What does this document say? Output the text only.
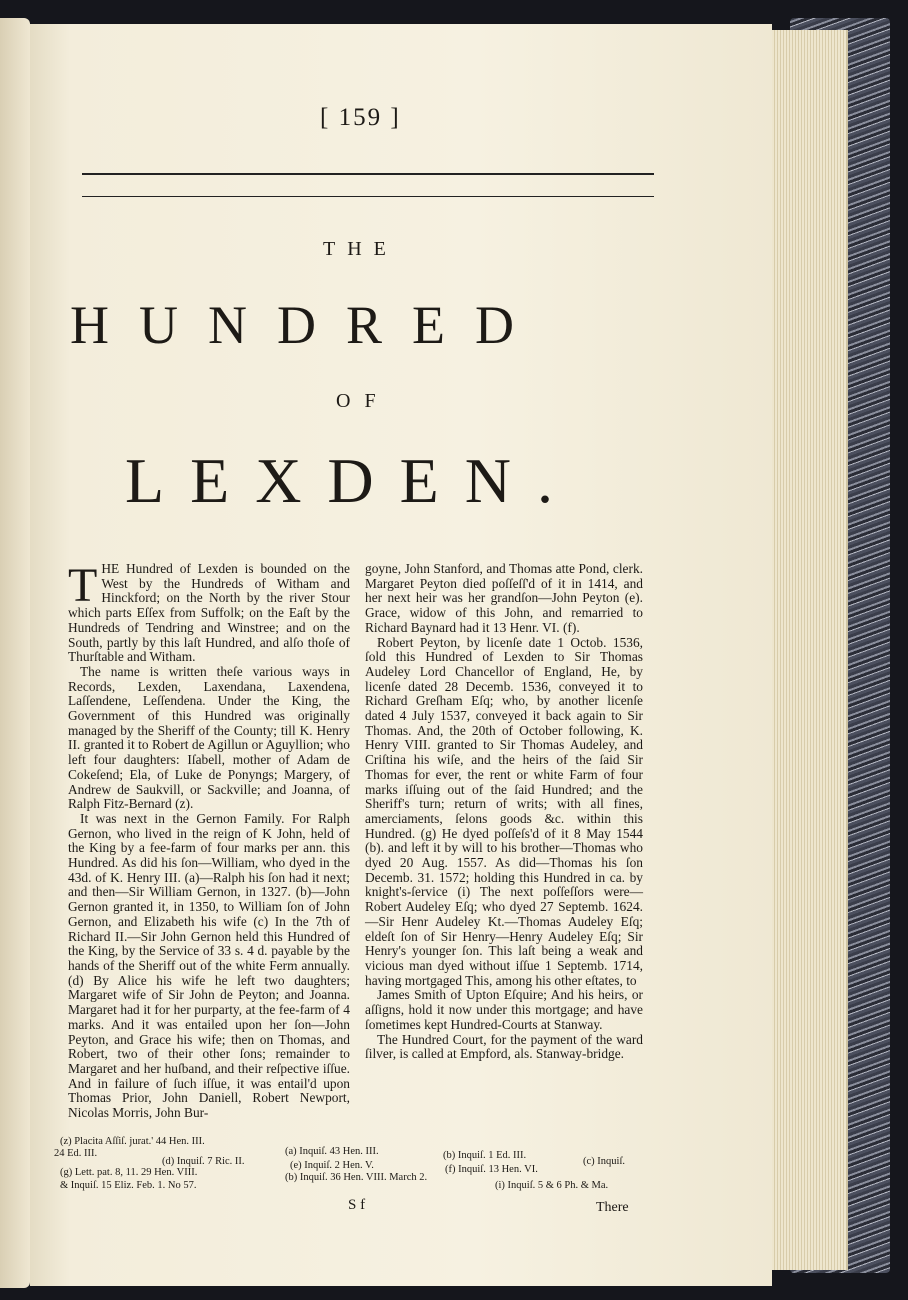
[ 159 ]
THE
HUNDRED
OF
LEXDEN.

THE Hundred of Lexden is bounded on the West by the Hundreds of Witham and Hinckford; on the North by the river Stour which parts Eſſex from Suffolk; on the Eaſt by the Hundreds of Tendring and Winstree; and on the South, partly by this laſt Hundred, and alſo thoſe of Thurſtable and Witham.

The name is written theſe various ways in Records, Lexden, Laxendana, Laxendena, Laſſendene, Leſſendena. Under the King, the Government of this Hundred was originally managed by the Sheriff of the County; till K. Henry II. granted it to Robert de Agillun or Aguyllion; who left four daughters: Iſabell, mother of Adam de Cokeſend; Ela, of Luke de Ponyngs; Margery, of Andrew de Saukvill, or Sackville; and Joanna, of Ralph Fitz-Bernard (z).

It was next in the Gernon Family. For Ralph Gernon, who lived in the reign of K John, held of the King by a fee-farm of four marks per ann. this Hundred. As did his ſon—William, who dyed in the 43d. of K. Henry III. (a)—Ralph his ſon had it next; and then—Sir William Gernon, in 1327. (b)—John Gernon granted it, in 1350, to William ſon of John Gernon, and Elizabeth his wife (c) In the 7th of Richard II.—Sir John Gernon held this Hundred of the King, by the Service of 33 s. 4 d. payable by the hands of the Sheriff out of the white Ferm annually. (d) By Alice his wife he left two daughters; Margaret wife of Sir John de Peyton; and Joanna. Margaret had it for her purparty, at the fee-farm of 4 marks. And it was entailed upon her ſon—John Peyton, and Grace his wife; then on Thomas, and Robert, two of their other ſons; remainder to Margaret and her huſband, and their reſpective iſſue. And in failure of ſuch iſſue, it was entail'd upon Thomas Prior, John Daniell, Robert Newport, Nicolas Morris, John Bur-

goyne, John Stanford, and Thomas atte Pond, clerk. Margaret Peyton died poſſeſſ'd of it in 1414, and her next heir was her grandſon—John Peyton (e). Grace, widow of this John, and remarried to Richard Baynard had it 13 Henr. VI. (f).

Robert Peyton, by licenſe date 1 Octob. 1536, ſold this Hundred of Lexden to Sir Thomas Audeley Lord Chancellor of England, He, by licenſe dated 28 Decemb. 1536, conveyed it to Richard Greſham Eſq; who, by another licenſe dated 4 July 1537, conveyed it back again to Sir Thomas. And, the 20th of October following, K. Henry VIII. granted to Sir Thomas Audeley, and Criſtina his wiſe, and the heirs of the ſaid Sir Thomas for ever, the rent or white Farm of four marks iſſuing out of the ſaid Hundred; and the Sheriff's turn; return of writs; with all fines, amerciaments, ſelons goods &c. within this Hundred. (g) He dyed poſſeſs'd of it 8 May 1544 (b). and left it by will to his brother—Thomas who dyed 20 Aug. 1557. As did—Thomas his ſon Decemb. 31. 1572; holding this Hundred in ca. by knight's-ſervice (i) The next poſſeſſors were—Robert Audeley Eſq; who dyed 27 Septemb. 1624.—Sir Henr Audeley Kt.—Thomas Audeley Eſq; eldeſt ſon of Sir Henry—Henry Audeley Eſq; Sir Henry's younger ſon. This laſt being a weak and vicious man dyed without iſſue 1 Septemb. 1714, having mortgaged This, among his other eſtates, to

James Smith of Upton Eſquire; And his heirs, or aſſigns, hold it now under this mortgage; and have ſometimes kept Hundred-Courts at Stanway.

The Hundred Court, for the payment of the ward ſilver, is called at Empford, als. Stanway-bridge.

(z) Placita Aſſiſ. jurat.' 44 Hen. III.
(a) Inquiſ. 43 Hen. III.	(b) Inquiſ. 1 Ed. III.
(c) Inquiſ.
24 Ed. III.
(d) Inquiſ. 7 Ric. II.	(e) Inquiſ. 2 Hen. V.	(f) Inquiſ. 13 Hen. VI.
(g) Lett. pat. 8, 11. 29 Hen. VIII.	(b) Inquiſ. 36 Hen. VIII. March 2.
(i) Inquiſ. 5 & 6 Ph. & Ma.
& Inquiſ. 15 Eliz. Feb. 1. No 57.
S f	There
